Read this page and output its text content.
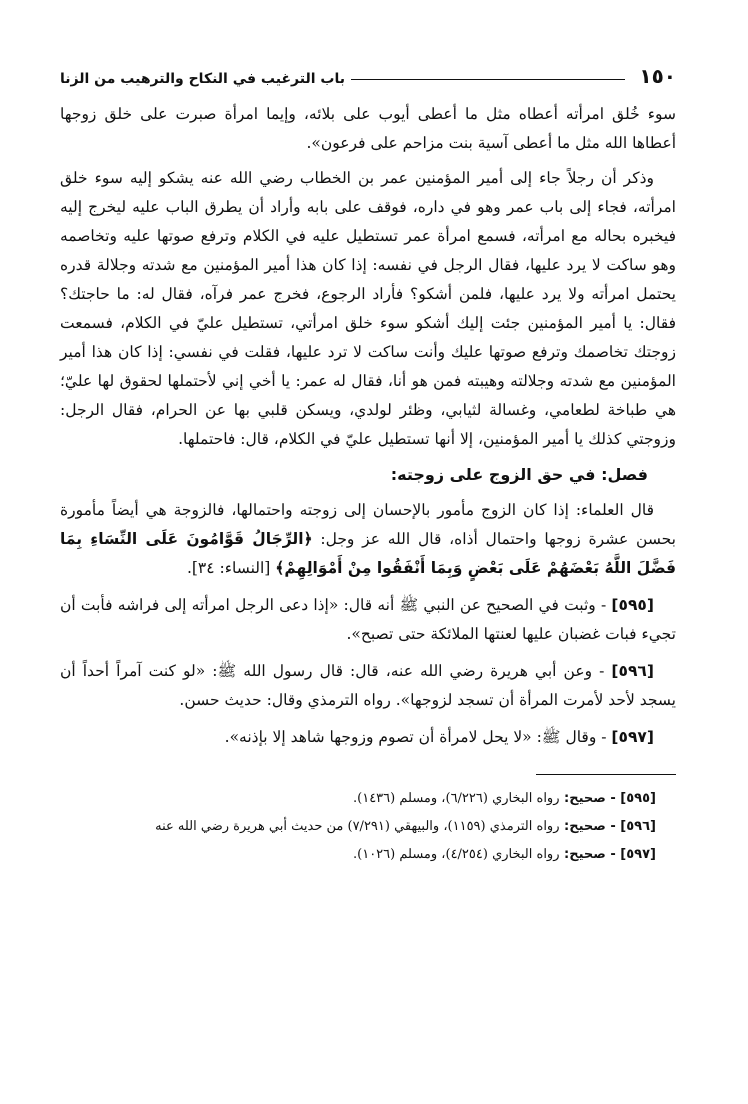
١٥٠
باب الترغيب في النكاح والترهيب من الزنا

سوء خُلق امرأته أعطاه مثل ما أعطى أيوب على بلائه، وإيما امرأة صبرت على خلق زوجها أعطاها الله مثل ما أعطى آسية بنت مزاحم على فرعون».

وذكر أن رجلاً جاء إلى أمير المؤمنين عمر بن الخطاب رضي الله عنه يشكو إليه سوء خلق امرأته، فجاء إلى باب عمر وهو في داره، فوقف على بابه وأراد أن يطرق الباب عليه ليخرج إليه فيخبره بحاله مع امرأته، فسمع امرأة عمر تستطيل عليه في الكلام وترفع صوتها عليه وتخاصمه وهو ساكت لا يرد عليها، فقال الرجل في نفسه: إذا كان هذا أمير المؤمنين مع شدته وجلالة قدره يحتمل امرأته ولا يرد عليها، فلمن أشكو؟ فأراد الرجوع، فخرج عمر فرآه، فقال له: ما حاجتك؟ فقال: يا أمير المؤمنين جئت إليك أشكو سوء خلق امرأتي، تستطيل عليّ في الكلام، فسمعت زوجتك تخاصمك وترفع صوتها عليك وأنت ساكت لا ترد عليها، فقلت في نفسي: إذا كان هذا أمير المؤمنين مع شدته وجلالته وهيبته فمن هو أنا، فقال له عمر: يا أخي إني لأحتملها لحقوق لها عليّ؛ هي طباخة لطعامي، وغسالة لثيابي، وظئر لولدي، ويسكن قلبي بها عن الحرام، فقال الرجل: وزوجتي كذلك يا أمير المؤمنين، إلا أنها تستطيل عليّ في الكلام، قال: فاحتملها.

فصل: في حق الزوج على زوجته:

قال العلماء: إذا كان الزوج مأمور بالإحسان إلى زوجته واحتمالها، فالزوجة هي أيضاً مأمورة بحسن عشرة زوجها واحتمال أذاه، قال الله عز وجل: ﴿الرِّجَالُ قَوَّامُونَ عَلَى النِّسَاءِ بِمَا فَضَّلَ اللَّهُ بَعْضَهُمْ عَلَى بَعْضٍ وَبِمَا أَنْفَقُوا مِنْ أَمْوَالِهِمْ﴾ [النساء: ٣٤].

[٥٩٥] - وثبت في الصحيح عن النبي ﷺ أنه قال: «إذا دعى الرجل امرأته إلى فراشه فأبت أن تجيء فبات غضبان عليها لعنتها الملائكة حتى تصبح».

[٥٩٦] - وعن أبي هريرة رضي الله عنه، قال: قال رسول الله ﷺ: «لو كنت آمراً أحداً أن يسجد لأحد لأمرت المرأة أن تسجد لزوجها». رواه الترمذي وقال: حديث حسن.

[٥٩٧] - وقال ﷺ: «لا يحل لامرأة أن تصوم وزوجها شاهد إلا بإذنه».

[٥٩٥] - صحيح: رواه البخاري (٦/٢٢٦)، ومسلم (١٤٣٦).

[٥٩٦] - صحيح: رواه الترمذي (١١٥٩)، والبيهقي (٧/٢٩١) من حديث أبي هريرة رضي الله عنه

[٥٩٧] - صحيح: رواه البخاري (٤/٢٥٤)، ومسلم (١٠٢٦).
